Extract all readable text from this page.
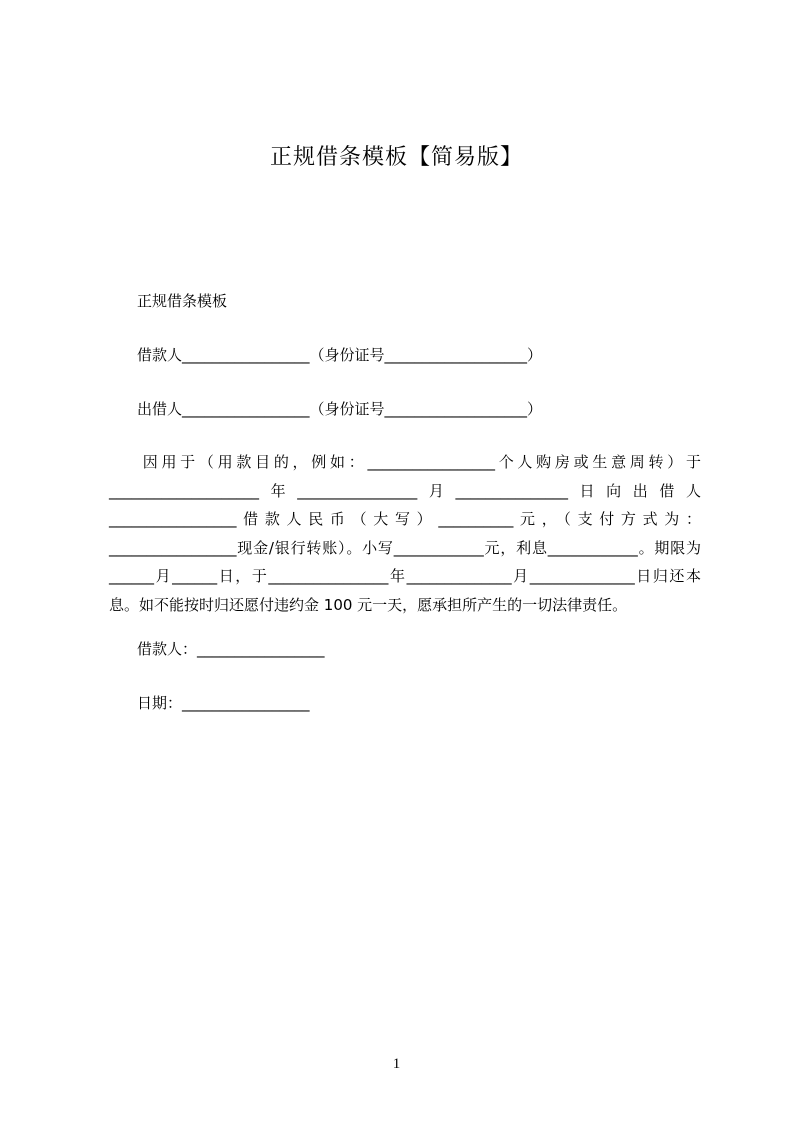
正规借条模板【简易版】
正规借条模板
借款人_________________（身份证号___________________）
出借人_________________（身份证号___________________）
因用于（用款目的，例如：_________________个人购房或生意周转）于____________________年________________月_______________日向出借人_________________借款人民币（大写）__________元，（支付方式为：_________________现金/银行转账）。小写____________元，利息____________。期限为______月______日，于________________年______________月______________日归还本息。如不能按时归还愿付违约金 100 元一天，愿承担所产生的一切法律责任。
借款人：_________________
日期：_________________
1
